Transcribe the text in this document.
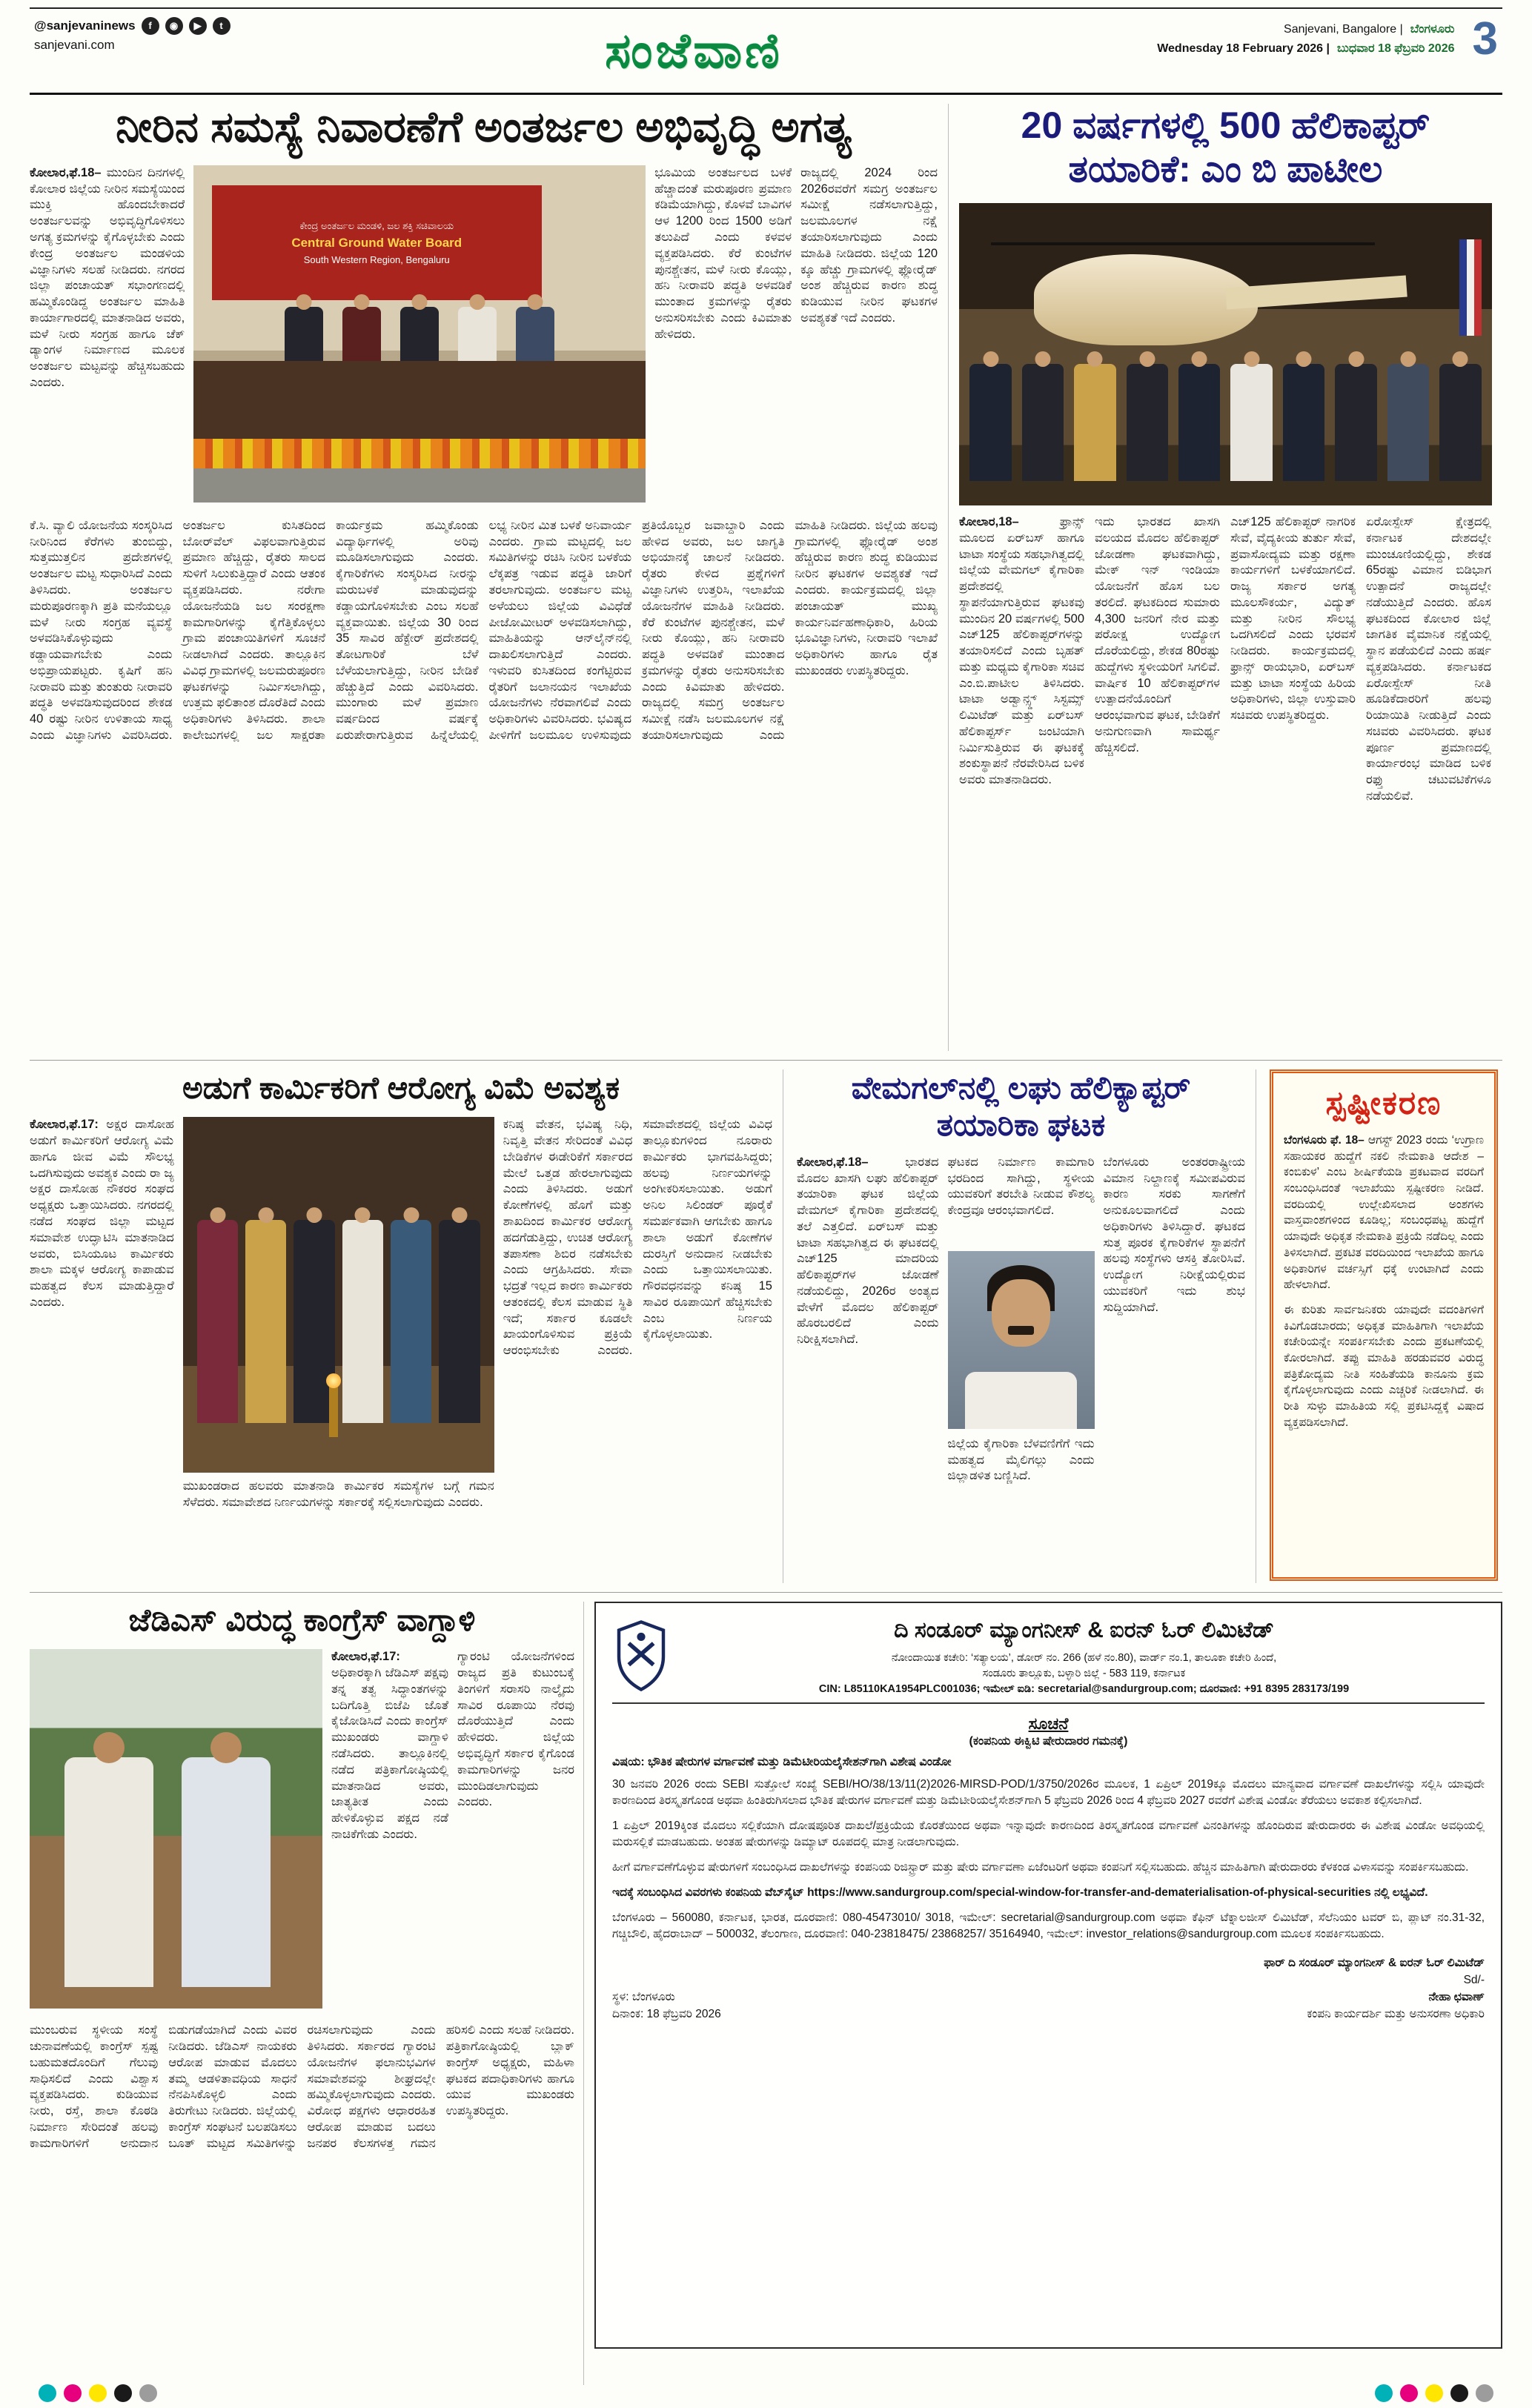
@sanjevaninews	f	◉	▶	t
sanjevani.com	ಸಂಜೆವಾಣಿ	Sanjevani, Bangalore | ಬೆಂಗಳೂರು
Wednesday 18 February 2026 | ಬುಧವಾರ 18 ಫೆಬ್ರವರಿ 2026 3
ನೀರಿನ ಸಮಸ್ಯೆ ನಿವಾರಣೆಗೆ ಅಂತರ್ಜಲ ಅಭಿವೃದ್ಧಿ ಅಗತ್ಯ
ಕೋಲಾರ,ಫೆ.18– ಮುಂದಿನ ದಿನಗಳಲ್ಲಿ ಕೋಲಾರ ಜಿಲ್ಲೆಯ ನೀರಿನ ಸಮಸ್ಯೆಯಿಂದ ಮುಕ್ತಿ ಹೊಂದಬೇಕಾದರೆ ಅಂತರ್ಜಲವನ್ನು ಅಭಿವೃದ್ಧಿಗೊಳಿಸಲು ಅಗತ್ಯ ಕ್ರಮಗಳನ್ನು ಕೈಗೊಳ್ಳಬೇಕು ಎಂದು ಕೇಂದ್ರ ಅಂತರ್ಜಲ ಮಂಡಳಿಯ ವಿಜ್ಞಾನಿಗಳು ಸಲಹೆ ನೀಡಿದರು. ನಗರದ ಜಿಲ್ಲಾ ಪಂಚಾಯತ್ ಸಭಾಂಗಣದಲ್ಲಿ ಹಮ್ಮಿಕೊಂಡಿದ್ದ ಅಂತರ್ಜಲ ಮಾಹಿತಿ ಕಾರ್ಯಾಗಾರದಲ್ಲಿ ಮಾತನಾಡಿದ ಅವರು, ಮಳೆ ನೀರು ಸಂಗ್ರಹ ಹಾಗೂ ಚೆಕ್ ಡ್ಯಾಂಗಳ ನಿರ್ಮಾಣದ ಮೂಲಕ ಅಂತರ್ಜಲ ಮಟ್ಟವನ್ನು ಹೆಚ್ಚಿಸಬಹುದು ಎಂದರು.
ಕೇಂದ್ರ ಅಂತರ್ಜಲ ಮಂಡಳಿ, ಜಲ ಶಕ್ತಿ ಸಚಿವಾಲಯ
Central Ground Water Board
South Western Region, Bengaluru
ಭೂಮಿಯ ಅಂತರ್ಜಲದ ಬಳಕೆ ಹೆಚ್ಚಾದಂತೆ ಮರುಪೂರಣ ಪ್ರಮಾಣ ಕಡಿಮೆಯಾಗಿದ್ದು, ಕೊಳವೆ ಬಾವಿಗಳ ಆಳ 1200 ರಿಂದ 1500 ಅಡಿಗೆ ತಲುಪಿದೆ ಎಂದು ಕಳವಳ ವ್ಯಕ್ತಪಡಿಸಿದರು. ಕೆರೆ ಕುಂಟೆಗಳ ಪುನಶ್ಚೇತನ, ಮಳೆ ನೀರು ಕೊಯ್ಲು, ಹನಿ ನೀರಾವರಿ ಪದ್ಧತಿ ಅಳವಡಿಕೆ ಮುಂತಾದ ಕ್ರಮಗಳನ್ನು ರೈತರು ಅನುಸರಿಸಬೇಕು ಎಂದು ಕಿವಿಮಾತು ಹೇಳಿದರು.
ರಾಜ್ಯದಲ್ಲಿ 2024 ರಿಂದ 2026ರವರೆಗೆ ಸಮಗ್ರ ಅಂತರ್ಜಲ ಸಮೀಕ್ಷೆ ನಡೆಸಲಾಗುತ್ತಿದ್ದು, ಜಲಮೂಲಗಳ ನಕ್ಷೆ ತಯಾರಿಸಲಾಗುವುದು ಎಂದು ಮಾಹಿತಿ ನೀಡಿದರು. ಜಿಲ್ಲೆಯ 120 ಕ್ಕೂ ಹೆಚ್ಚು ಗ್ರಾಮಗಳಲ್ಲಿ ಫ್ಲೋರೈಡ್ ಅಂಶ ಹೆಚ್ಚಿರುವ ಕಾರಣ ಶುದ್ಧ ಕುಡಿಯುವ ನೀರಿನ ಘಟಕಗಳ ಅವಶ್ಯಕತೆ ಇದೆ ಎಂದರು.
ಕೆ.ಸಿ. ವ್ಯಾಲಿ ಯೋಜನೆಯ ಸಂಸ್ಕರಿಸಿದ ನೀರಿನಿಂದ ಕೆರೆಗಳು ತುಂಬಿದ್ದು, ಸುತ್ತಮುತ್ತಲಿನ ಪ್ರದೇಶಗಳಲ್ಲಿ ಅಂತರ್ಜಲ ಮಟ್ಟ ಸುಧಾರಿಸಿದೆ ಎಂದು ತಿಳಿಸಿದರು. ಅಂತರ್ಜಲ ಮರುಪೂರಣಕ್ಕಾಗಿ ಪ್ರತಿ ಮನೆಯಲ್ಲೂ ಮಳೆ ನೀರು ಸಂಗ್ರಹ ವ್ಯವಸ್ಥೆ ಅಳವಡಿಸಿಕೊಳ್ಳುವುದು ಕಡ್ಡಾಯವಾಗಬೇಕು ಎಂದು ಅಭಿಪ್ರಾಯಪಟ್ಟರು. ಕೃಷಿಗೆ ಹನಿ ನೀರಾವರಿ ಮತ್ತು ತುಂತುರು ನೀರಾವರಿ ಪದ್ಧತಿ ಅಳವಡಿಸುವುದರಿಂದ ಶೇಕಡ 40 ರಷ್ಟು ನೀರಿನ ಉಳಿತಾಯ ಸಾಧ್ಯ ಎಂದು ವಿಜ್ಞಾನಿಗಳು ವಿವರಿಸಿದರು. ಅಂತರ್ಜಲ ಕುಸಿತದಿಂದ ಬೋರ್‌ವೆಲ್ ವಿಫಲವಾಗುತ್ತಿರುವ ಪ್ರಮಾಣ ಹೆಚ್ಚಿದ್ದು, ರೈತರು ಸಾಲದ ಸುಳಿಗೆ ಸಿಲುಕುತ್ತಿದ್ದಾರೆ ಎಂದು ಆತಂಕ ವ್ಯಕ್ತಪಡಿಸಿದರು. ನರೇಗಾ ಯೋಜನೆಯಡಿ ಜಲ ಸಂರಕ್ಷಣಾ ಕಾಮಗಾರಿಗಳನ್ನು ಕೈಗೆತ್ತಿಕೊಳ್ಳಲು ಗ್ರಾಮ ಪಂಚಾಯಿತಿಗಳಿಗೆ ಸೂಚನೆ ನೀಡಲಾಗಿದೆ ಎಂದರು. ತಾಲ್ಲೂಕಿನ ವಿವಿಧ ಗ್ರಾಮಗಳಲ್ಲಿ ಜಲಮರುಪೂರಣ ಘಟಕಗಳನ್ನು ನಿರ್ಮಿಸಲಾಗಿದ್ದು, ಉತ್ತಮ ಫಲಿತಾಂಶ ದೊರೆತಿದೆ ಎಂದು ಅಧಿಕಾರಿಗಳು ತಿಳಿಸಿದರು. ಶಾಲಾ ಕಾಲೇಜುಗಳಲ್ಲಿ ಜಲ ಸಾಕ್ಷರತಾ ಕಾರ್ಯಕ್ರಮ ಹಮ್ಮಿಕೊಂಡು ವಿದ್ಯಾರ್ಥಿಗಳಲ್ಲಿ ಅರಿವು ಮೂಡಿಸಲಾಗುವುದು ಎಂದರು. ಕೈಗಾರಿಕೆಗಳು ಸಂಸ್ಕರಿಸಿದ ನೀರನ್ನು ಮರುಬಳಕೆ ಮಾಡುವುದನ್ನು ಕಡ್ಡಾಯಗೊಳಿಸಬೇಕು ಎಂಬ ಸಲಹೆ ವ್ಯಕ್ತವಾಯಿತು. ಜಿಲ್ಲೆಯ 30 ರಿಂದ 35 ಸಾವಿರ ಹೆಕ್ಟೇರ್ ಪ್ರದೇಶದಲ್ಲಿ ತೋಟಗಾರಿಕೆ ಬೆಳೆ ಬೆಳೆಯಲಾಗುತ್ತಿದ್ದು, ನೀರಿನ ಬೇಡಿಕೆ ಹೆಚ್ಚುತ್ತಿದೆ ಎಂದು ವಿವರಿಸಿದರು. ಮುಂಗಾರು ಮಳೆ ಪ್ರಮಾಣ ವರ್ಷದಿಂದ ವರ್ಷಕ್ಕೆ ಏರುಪೇರಾಗುತ್ತಿರುವ ಹಿನ್ನೆಲೆಯಲ್ಲಿ ಲಭ್ಯ ನೀರಿನ ಮಿತ ಬಳಕೆ ಅನಿವಾರ್ಯ ಎಂದರು. ಗ್ರಾಮ ಮಟ್ಟದಲ್ಲಿ ಜಲ ಸಮಿತಿಗಳನ್ನು ರಚಿಸಿ ನೀರಿನ ಬಳಕೆಯ ಲೆಕ್ಕಪತ್ರ ಇಡುವ ಪದ್ಧತಿ ಜಾರಿಗೆ ತರಲಾಗುವುದು. ಅಂತರ್ಜಲ ಮಟ್ಟ ಅಳೆಯಲು ಜಿಲ್ಲೆಯ ವಿವಿಧೆಡೆ ಪೀಜೋಮೀಟರ್ ಅಳವಡಿಸಲಾಗಿದ್ದು, ಮಾಹಿತಿಯನ್ನು ಆನ್‌ಲೈನ್‌ನಲ್ಲಿ ದಾಖಲಿಸಲಾಗುತ್ತಿದೆ ಎಂದರು. ಇಳುವರಿ ಕುಸಿತದಿಂದ ಕಂಗೆಟ್ಟಿರುವ ರೈತರಿಗೆ ಜಲಾನಯನ ಇಲಾಖೆಯ ಯೋಜನೆಗಳು ನೆರವಾಗಲಿವೆ ಎಂದು ಅಧಿಕಾರಿಗಳು ವಿವರಿಸಿದರು. ಭವಿಷ್ಯದ ಪೀಳಿಗೆಗೆ ಜಲಮೂಲ ಉಳಿಸುವುದು ಪ್ರತಿಯೊಬ್ಬರ ಜವಾಬ್ದಾರಿ ಎಂದು ಹೇಳಿದ ಅವರು, ಜಲ ಜಾಗೃತಿ ಅಭಿಯಾನಕ್ಕೆ ಚಾಲನೆ ನೀಡಿದರು. ರೈತರು ಕೇಳಿದ ಪ್ರಶ್ನೆಗಳಿಗೆ ವಿಜ್ಞಾನಿಗಳು ಉತ್ತರಿಸಿ, ಇಲಾಖೆಯ ಯೋಜನೆಗಳ ಮಾಹಿತಿ ನೀಡಿದರು. ಕೆರೆ ಕುಂಟೆಗಳ ಪುನಶ್ಚೇತನ, ಮಳೆ ನೀರು ಕೊಯ್ಲು, ಹನಿ ನೀರಾವರಿ ಪದ್ಧತಿ ಅಳವಡಿಕೆ ಮುಂತಾದ ಕ್ರಮಗಳನ್ನು ರೈತರು ಅನುಸರಿಸಬೇಕು ಎಂದು ಕಿವಿಮಾತು ಹೇಳಿದರು. ರಾಜ್ಯದಲ್ಲಿ ಸಮಗ್ರ ಅಂತರ್ಜಲ ಸಮೀಕ್ಷೆ ನಡೆಸಿ ಜಲಮೂಲಗಳ ನಕ್ಷೆ ತಯಾರಿಸಲಾಗುವುದು ಎಂದು ಮಾಹಿತಿ ನೀಡಿದರು. ಜಿಲ್ಲೆಯ ಹಲವು ಗ್ರಾಮಗಳಲ್ಲಿ ಫ್ಲೋರೈಡ್ ಅಂಶ ಹೆಚ್ಚಿರುವ ಕಾರಣ ಶುದ್ಧ ಕುಡಿಯುವ ನೀರಿನ ಘಟಕಗಳ ಅವಶ್ಯಕತೆ ಇದೆ ಎಂದರು. ಕಾರ್ಯಕ್ರಮದಲ್ಲಿ ಜಿಲ್ಲಾ ಪಂಚಾಯತ್ ಮುಖ್ಯ ಕಾರ್ಯನಿರ್ವಹಣಾಧಿಕಾರಿ, ಹಿರಿಯ ಭೂವಿಜ್ಞಾನಿಗಳು, ನೀರಾವರಿ ಇಲಾಖೆ ಅಧಿಕಾರಿಗಳು ಹಾಗೂ ರೈತ ಮುಖಂಡರು ಉಪಸ್ಥಿತರಿದ್ದರು.
20 ವರ್ಷಗಳಲ್ಲಿ 500 ಹೆಲಿಕಾಪ್ಟರ್ ತಯಾರಿಕೆ: ಎಂ ಬಿ ಪಾಟೀಲ
ಕೋಲಾರ,18– ಫ್ರಾನ್ಸ್ ಮೂಲದ ಏರ್‌ಬಸ್ ಹಾಗೂ ಟಾಟಾ ಸಂಸ್ಥೆಯ ಸಹಭಾಗಿತ್ವದಲ್ಲಿ ಜಿಲ್ಲೆಯ ವೇಮಗಲ್ ಕೈಗಾರಿಕಾ ಪ್ರದೇಶದಲ್ಲಿ ಸ್ಥಾಪನೆಯಾಗುತ್ತಿರುವ ಘಟಕವು ಮುಂದಿನ 20 ವರ್ಷಗಳಲ್ಲಿ 500 ಎಚ್125 ಹೆಲಿಕಾಪ್ಟರ್‌ಗಳನ್ನು ತಯಾರಿಸಲಿದೆ ಎಂದು ಬೃಹತ್ ಮತ್ತು ಮಧ್ಯಮ ಕೈಗಾರಿಕಾ ಸಚಿವ ಎಂ.ಬಿ.ಪಾಟೀಲ ತಿಳಿಸಿದರು. ಟಾಟಾ ಅಡ್ವಾನ್ಸ್ಡ್ ಸಿಸ್ಟಮ್ಸ್ ಲಿಮಿಟೆಡ್ ಮತ್ತು ಏರ್‌ಬಸ್ ಹೆಲಿಕಾಪ್ಟರ್ಸ್ ಜಂಟಿಯಾಗಿ ನಿರ್ಮಿಸುತ್ತಿರುವ ಈ ಘಟಕಕ್ಕೆ ಶಂಕುಸ್ಥಾಪನೆ ನೆರವೇರಿಸಿದ ಬಳಿಕ ಅವರು ಮಾತನಾಡಿದರು.
ಇದು ಭಾರತದ ಖಾಸಗಿ ವಲಯದ ಮೊದಲ ಹೆಲಿಕಾಪ್ಟರ್ ಜೋಡಣಾ ಘಟಕವಾಗಿದ್ದು, ಮೇಕ್ ಇನ್ ಇಂಡಿಯಾ ಯೋಜನೆಗೆ ಹೊಸ ಬಲ ತರಲಿದೆ. ಘಟಕದಿಂದ ಸುಮಾರು 4,300 ಜನರಿಗೆ ನೇರ ಮತ್ತು ಪರೋಕ್ಷ ಉದ್ಯೋಗ ದೊರೆಯಲಿದ್ದು, ಶೇಕಡ 80ರಷ್ಟು ಹುದ್ದೆಗಳು ಸ್ಥಳೀಯರಿಗೆ ಸಿಗಲಿವೆ. ವಾರ್ಷಿಕ 10 ಹೆಲಿಕಾಪ್ಟರ್‌ಗಳ ಉತ್ಪಾದನೆಯೊಂದಿಗೆ ಆರಂಭವಾಗುವ ಘಟಕ, ಬೇಡಿಕೆಗೆ ಅನುಗುಣವಾಗಿ ಸಾಮರ್ಥ್ಯ ಹೆಚ್ಚಿಸಲಿದೆ.
ಎಚ್125 ಹೆಲಿಕಾಪ್ಟರ್ ನಾಗರಿಕ ಸೇವೆ, ವೈದ್ಯಕೀಯ ತುರ್ತು ಸೇವೆ, ಪ್ರವಾಸೋದ್ಯಮ ಮತ್ತು ರಕ್ಷಣಾ ಕಾರ್ಯಗಳಿಗೆ ಬಳಕೆಯಾಗಲಿದೆ. ರಾಜ್ಯ ಸರ್ಕಾರ ಅಗತ್ಯ ಮೂಲಸೌಕರ್ಯ, ವಿದ್ಯುತ್ ಮತ್ತು ನೀರಿನ ಸೌಲಭ್ಯ ಒದಗಿಸಲಿದೆ ಎಂದು ಭರವಸೆ ನೀಡಿದರು. ಕಾರ್ಯಕ್ರಮದಲ್ಲಿ ಫ್ರಾನ್ಸ್ ರಾಯಭಾರಿ, ಏರ್‌ಬಸ್ ಮತ್ತು ಟಾಟಾ ಸಂಸ್ಥೆಯ ಹಿರಿಯ ಅಧಿಕಾರಿಗಳು, ಜಿಲ್ಲಾ ಉಸ್ತುವಾರಿ ಸಚಿವರು ಉಪಸ್ಥಿತರಿದ್ದರು.
ಏರೋಸ್ಪೇಸ್ ಕ್ಷೇತ್ರದಲ್ಲಿ ಕರ್ನಾಟಕ ದೇಶದಲ್ಲೇ ಮುಂಚೂಣಿಯಲ್ಲಿದ್ದು, ಶೇಕಡ 65ರಷ್ಟು ವಿಮಾನ ಬಿಡಿಭಾಗ ಉತ್ಪಾದನೆ ರಾಜ್ಯದಲ್ಲೇ ನಡೆಯುತ್ತಿದೆ ಎಂದರು. ಹೊಸ ಘಟಕದಿಂದ ಕೋಲಾರ ಜಿಲ್ಲೆ ಜಾಗತಿಕ ವೈಮಾನಿಕ ನಕ್ಷೆಯಲ್ಲಿ ಸ್ಥಾನ ಪಡೆಯಲಿದೆ ಎಂದು ಹರ್ಷ ವ್ಯಕ್ತಪಡಿಸಿದರು. ಕರ್ನಾಟಕದ ಏರೋಸ್ಪೇಸ್ ನೀತಿ ಹೂಡಿಕೆದಾರರಿಗೆ ಹಲವು ರಿಯಾಯಿತಿ ನೀಡುತ್ತಿದೆ ಎಂದು ಸಚಿವರು ವಿವರಿಸಿದರು. ಘಟಕ ಪೂರ್ಣ ಪ್ರಮಾಣದಲ್ಲಿ ಕಾರ್ಯಾರಂಭ ಮಾಡಿದ ಬಳಿಕ ರಫ್ತು ಚಟುವಟಿಕೆಗಳೂ ನಡೆಯಲಿವೆ.
ಅಡುಗೆ ಕಾರ್ಮಿಕರಿಗೆ ಆರೋಗ್ಯ ವಿಮೆ ಅವಶ್ಯಕ
ಕೋಲಾರ,ಫೆ.17: ಅಕ್ಷರ ದಾಸೋಹ ಅಡುಗೆ ಕಾರ್ಮಿಕರಿಗೆ ಆರೋಗ್ಯ ವಿಮೆ ಹಾಗೂ ಜೀವ ವಿಮೆ ಸೌಲಭ್ಯ ಒದಗಿಸುವುದು ಅವಶ್ಯಕ ಎಂದು ರಾ ಜ್ಯ ಅಕ್ಷರ ದಾಸೋಹ ನೌಕರರ ಸಂಘದ ಅಧ್ಯಕ್ಷರು ಒತ್ತಾಯಿಸಿದರು. ನಗರದಲ್ಲಿ ನಡೆದ ಸಂಘದ ಜಿಲ್ಲಾ ಮಟ್ಟದ ಸಮಾವೇಶ ಉದ್ಘಾಟಿಸಿ ಮಾತನಾಡಿದ ಅವರು, ಬಿಸಿಯೂಟ ಕಾರ್ಮಿಕರು ಶಾಲಾ ಮಕ್ಕಳ ಆರೋಗ್ಯ ಕಾಪಾಡುವ ಮಹತ್ವದ ಕೆಲಸ ಮಾಡುತ್ತಿದ್ದಾರೆ ಎಂದರು.
ಮುಖಂಡರಾದ ಹಲವರು ಮಾತನಾಡಿ ಕಾರ್ಮಿಕರ ಸಮಸ್ಯೆಗಳ ಬಗ್ಗೆ ಗಮನ ಸೆಳೆದರು. ಸಮಾವೇಶದ ನಿರ್ಣಯಗಳನ್ನು ಸರ್ಕಾರಕ್ಕೆ ಸಲ್ಲಿಸಲಾಗುವುದು ಎಂದರು.
ಕನಿಷ್ಠ ವೇತನ, ಭವಿಷ್ಯ ನಿಧಿ, ನಿವೃತ್ತಿ ವೇತನ ಸೇರಿದಂತೆ ವಿವಿಧ ಬೇಡಿಕೆಗಳ ಈಡೇರಿಕೆಗೆ ಸರ್ಕಾರದ ಮೇಲೆ ಒತ್ತಡ ಹೇರಲಾಗುವುದು ಎಂದು ತಿಳಿಸಿದರು. ಅಡುಗೆ ಕೋಣೆಗಳಲ್ಲಿ ಹೊಗೆ ಮತ್ತು ಶಾಖದಿಂದ ಕಾರ್ಮಿಕರ ಆರೋಗ್ಯ ಹದಗೆಡುತ್ತಿದ್ದು, ಉಚಿತ ಆರೋಗ್ಯ ತಪಾಸಣಾ ಶಿಬಿರ ನಡೆಸಬೇಕು ಎಂದು ಆಗ್ರಹಿಸಿದರು. ಸೇವಾ ಭದ್ರತೆ ಇಲ್ಲದ ಕಾರಣ ಕಾರ್ಮಿಕರು ಆತಂಕದಲ್ಲಿ ಕೆಲಸ ಮಾಡುವ ಸ್ಥಿತಿ ಇದೆ; ಸರ್ಕಾರ ಕೂಡಲೇ ಖಾಯಂಗೊಳಿಸುವ ಪ್ರಕ್ರಿಯೆ ಆರಂಭಿಸಬೇಕು ಎಂದರು. ಸಮಾವೇಶದಲ್ಲಿ ಜಿಲ್ಲೆಯ ವಿವಿಧ ತಾಲ್ಲೂಕುಗಳಿಂದ ನೂರಾರು ಕಾರ್ಮಿಕರು ಭಾಗವಹಿಸಿದ್ದರು; ಹಲವು ನಿರ್ಣಯಗಳನ್ನು ಅಂಗೀಕರಿಸಲಾಯಿತು. ಅಡುಗೆ ಅನಿಲ ಸಿಲಿಂಡರ್ ಪೂರೈಕೆ ಸಮರ್ಪಕವಾಗಿ ಆಗಬೇಕು ಹಾಗೂ ಶಾಲಾ ಅಡುಗೆ ಕೋಣೆಗಳ ದುರಸ್ತಿಗೆ ಅನುದಾನ ನೀಡಬೇಕು ಎಂದು ಒತ್ತಾಯಿಸಲಾಯಿತು. ಗೌರವಧನವನ್ನು ಕನಿಷ್ಠ 15 ಸಾವಿರ ರೂಪಾಯಿಗೆ ಹೆಚ್ಚಿಸಬೇಕು ಎಂಬ ನಿರ್ಣಯ ಕೈಗೊಳ್ಳಲಾಯಿತು.
ವೇಮಗಲ್‌ನಲ್ಲಿ ಲಘು ಹೆಲಿಕ್ಯಾಪ್ಟರ್ ತಯಾರಿಕಾ ಘಟಕ
ಕೋಲಾರ,ಫೆ.18– ಭಾರತದ ಮೊದಲ ಖಾಸಗಿ ಲಘು ಹೆಲಿಕಾಪ್ಟರ್ ತಯಾರಿಕಾ ಘಟಕ ಜಿಲ್ಲೆಯ ವೇಮಗಲ್ ಕೈಗಾರಿಕಾ ಪ್ರದೇಶದಲ್ಲಿ ತಲೆ ಎತ್ತಲಿದೆ. ಏರ್‌ಬಸ್ ಮತ್ತು ಟಾಟಾ ಸಹಭಾಗಿತ್ವದ ಈ ಘಟಕದಲ್ಲಿ ಎಚ್125 ಮಾದರಿಯ ಹೆಲಿಕಾಪ್ಟರ್‌ಗಳ ಜೋಡಣೆ ನಡೆಯಲಿದ್ದು, 2026ರ ಅಂತ್ಯದ ವೇಳೆಗೆ ಮೊದಲ ಹೆಲಿಕಾಪ್ಟರ್ ಹೊರಬರಲಿದೆ ಎಂದು ನಿರೀಕ್ಷಿಸಲಾಗಿದೆ.
ಘಟಕದ ನಿರ್ಮಾಣ ಕಾಮಗಾರಿ ಭರದಿಂದ ಸಾಗಿದ್ದು, ಸ್ಥಳೀಯ ಯುವಕರಿಗೆ ತರಬೇತಿ ನೀಡುವ ಕೌಶಲ್ಯ ಕೇಂದ್ರವೂ ಆರಂಭವಾಗಲಿದೆ.
ಜಿಲ್ಲೆಯ ಕೈಗಾರಿಕಾ ಬೆಳವಣಿಗೆಗೆ ಇದು ಮಹತ್ವದ ಮೈಲಿಗಲ್ಲು ಎಂದು ಜಿಲ್ಲಾಡಳಿತ ಬಣ್ಣಿಸಿದೆ.
ಬೆಂಗಳೂರು ಅಂತರರಾಷ್ಟ್ರೀಯ ವಿಮಾನ ನಿಲ್ದಾಣಕ್ಕೆ ಸಮೀಪವಿರುವ ಕಾರಣ ಸರಕು ಸಾಗಣೆಗೆ ಅನುಕೂಲವಾಗಲಿದೆ ಎಂದು ಅಧಿಕಾರಿಗಳು ತಿಳಿಸಿದ್ದಾರೆ. ಘಟಕದ ಸುತ್ತ ಪೂರಕ ಕೈಗಾರಿಕೆಗಳ ಸ್ಥಾಪನೆಗೆ ಹಲವು ಸಂಸ್ಥೆಗಳು ಆಸಕ್ತಿ ತೋರಿಸಿವೆ. ಉದ್ಯೋಗ ನಿರೀಕ್ಷೆಯಲ್ಲಿರುವ ಯುವಕರಿಗೆ ಇದು ಶುಭ ಸುದ್ದಿಯಾಗಿದೆ.
ಸ್ಪಷ್ಟೀಕರಣ

ಬೆಂಗಳೂರು ಫೆ. 18– ಆಗಸ್ಟ್ 2023 ರಂದು ‘ಉಗ್ರಾಣ ಸಹಾಯಕರ ಹುದ್ದೆಗೆ ನಕಲಿ ನೇಮಕಾತಿ ಆದೇಶ – ಕಂಬಿಕುಳ’ ಎಂಬ ಶೀರ್ಷಿಕೆಯಡಿ ಪ್ರಕಟವಾದ ವರದಿಗೆ ಸಂಬಂಧಿಸಿದಂತೆ ಇಲಾಖೆಯು ಸ್ಪಷ್ಟೀಕರಣ ನೀಡಿದೆ. ವರದಿಯಲ್ಲಿ ಉಲ್ಲೇಖಿಸಲಾದ ಅಂಶಗಳು ವಾಸ್ತವಾಂಶಗಳಿಂದ ಕೂಡಿಲ್ಲ; ಸಂಬಂಧಪಟ್ಟ ಹುದ್ದೆಗೆ ಯಾವುದೇ ಅಧಿಕೃತ ನೇಮಕಾತಿ ಪ್ರಕ್ರಿಯೆ ನಡೆದಿಲ್ಲ ಎಂದು ತಿಳಿಸಲಾಗಿದೆ. ಪ್ರಕಟಿತ ವರದಿಯಿಂದ ಇಲಾಖೆಯ ಹಾಗೂ ಅಧಿಕಾರಿಗಳ ವರ್ಚಸ್ಸಿಗೆ ಧಕ್ಕೆ ಉಂಟಾಗಿದೆ ಎಂದು ಹೇಳಲಾಗಿದೆ.

ಈ ಕುರಿತು ಸಾರ್ವಜನಿಕರು ಯಾವುದೇ ವದಂತಿಗಳಿಗೆ ಕಿವಿಗೊಡಬಾರದು; ಅಧಿಕೃತ ಮಾಹಿತಿಗಾಗಿ ಇಲಾಖೆಯ ಕಚೇರಿಯನ್ನೇ ಸಂಪರ್ಕಿಸಬೇಕು ಎಂದು ಪ್ರಕಟಣೆಯಲ್ಲಿ ಕೋರಲಾಗಿದೆ. ತಪ್ಪು ಮಾಹಿತಿ ಹರಡುವವರ ವಿರುದ್ಧ ಪತ್ರಿಕೋದ್ಯಮ ನೀತಿ ಸಂಹಿತೆಯಡಿ ಕಾನೂನು ಕ್ರಮ ಕೈಗೊಳ್ಳಲಾಗುವುದು ಎಂದು ಎಚ್ಚರಿಕೆ ನೀಡಲಾಗಿದೆ. ಈ ರೀತಿ ಸುಳ್ಳು ಮಾಹಿತಿಯ ಸಲ್ಲಿ ಪ್ರಕಟಿಸಿದ್ದಕ್ಕೆ ವಿಷಾದ ವ್ಯಕ್ತಪಡಿಸಲಾಗಿದೆ.

ಜೆಡಿಎಸ್ ವಿರುದ್ಧ ಕಾಂಗ್ರೆಸ್ ವಾಗ್ದಾಳಿ
ಕೋಲಾರ,ಫೆ.17: ಅಧಿಕಾರಕ್ಕಾಗಿ ಜೆಡಿಎಸ್ ಪಕ್ಷವು ತನ್ನ ತತ್ವ ಸಿದ್ಧಾಂತಗಳನ್ನು ಬದಿಗೊತ್ತಿ ಬಿಜೆಪಿ ಜೊತೆ ಕೈಜೋಡಿಸಿದೆ ಎಂದು ಕಾಂಗ್ರೆಸ್ ಮುಖಂಡರು ವಾಗ್ದಾಳಿ ನಡೆಸಿದರು. ತಾಲ್ಲೂಕಿನಲ್ಲಿ ನಡೆದ ಪತ್ರಿಕಾಗೋಷ್ಠಿಯಲ್ಲಿ ಮಾತನಾಡಿದ ಅವರು, ಜಾತ್ಯತೀತ ಎಂದು ಹೇಳಿಕೊಳ್ಳುವ ಪಕ್ಷದ ನಡೆ ನಾಚಿಕೆಗೇಡು ಎಂದರು.
ಗ್ಯಾರಂಟಿ ಯೋಜನೆಗಳಿಂದ ರಾಜ್ಯದ ಪ್ರತಿ ಕುಟುಂಬಕ್ಕೆ ತಿಂಗಳಿಗೆ ಸರಾಸರಿ ನಾಲ್ಕೈದು ಸಾವಿರ ರೂಪಾಯಿ ನೆರವು ದೊರೆಯುತ್ತಿದೆ ಎಂದು ಹೇಳಿದರು. ಜಿಲ್ಲೆಯ ಅಭಿವೃದ್ಧಿಗೆ ಸರ್ಕಾರ ಕೈಗೊಂಡ ಕಾಮಗಾರಿಗಳನ್ನು ಜನರ ಮುಂದಿಡಲಾಗುವುದು ಎಂದರು.
ಮುಂಬರುವ ಸ್ಥಳೀಯ ಸಂಸ್ಥೆ ಚುನಾವಣೆಯಲ್ಲಿ ಕಾಂಗ್ರೆಸ್ ಸ್ಪಷ್ಟ ಬಹುಮತದೊಂದಿಗೆ ಗೆಲುವು ಸಾಧಿಸಲಿದೆ ಎಂದು ವಿಶ್ವಾಸ ವ್ಯಕ್ತಪಡಿಸಿದರು. ಕುಡಿಯುವ ನೀರು, ರಸ್ತೆ, ಶಾಲಾ ಕೊಠಡಿ ನಿರ್ಮಾಣ ಸೇರಿದಂತೆ ಹಲವು ಕಾಮಗಾರಿಗಳಿಗೆ ಅನುದಾನ ಬಿಡುಗಡೆಯಾಗಿದೆ ಎಂದು ವಿವರ ನೀಡಿದರು. ಜೆಡಿಎಸ್ ನಾಯಕರು ಆರೋಪ ಮಾಡುವ ಮೊದಲು ತಮ್ಮ ಆಡಳಿತಾವಧಿಯ ಸಾಧನೆ ನೆನಪಿಸಿಕೊಳ್ಳಲಿ ಎಂದು ತಿರುಗೇಟು ನೀಡಿದರು. ಜಿಲ್ಲೆಯಲ್ಲಿ ಕಾಂಗ್ರೆಸ್ ಸಂಘಟನೆ ಬಲಪಡಿಸಲು ಬೂತ್ ಮಟ್ಟದ ಸಮಿತಿಗಳನ್ನು ರಚಿಸಲಾಗುವುದು ಎಂದು ತಿಳಿಸಿದರು. ಸರ್ಕಾರದ ಗ್ಯಾರಂಟಿ ಯೋಜನೆಗಳ ಫಲಾನುಭವಿಗಳ ಸಮಾವೇಶವನ್ನು ಶೀಘ್ರದಲ್ಲೇ ಹಮ್ಮಿಕೊಳ್ಳಲಾಗುವುದು ಎಂದರು. ವಿರೋಧ ಪಕ್ಷಗಳು ಆಧಾರರಹಿತ ಆರೋಪ ಮಾಡುವ ಬದಲು ಜನಪರ ಕೆಲಸಗಳತ್ತ ಗಮನ ಹರಿಸಲಿ ಎಂದು ಸಲಹೆ ನೀಡಿದರು. ಪತ್ರಿಕಾಗೋಷ್ಠಿಯಲ್ಲಿ ಬ್ಲಾಕ್ ಕಾಂಗ್ರೆಸ್ ಅಧ್ಯಕ್ಷರು, ಮಹಿಳಾ ಘಟಕದ ಪದಾಧಿಕಾರಿಗಳು ಹಾಗೂ ಯುವ ಮುಖಂಡರು ಉಪಸ್ಥಿತರಿದ್ದರು.
ದಿ ಸಂಡೂರ್ ಮ್ಯಾಂಗನೀಸ್ & ಐರನ್ ಓರ್ ಲಿಮಿಟೆಡ್
ನೋಂದಾಯಿತ ಕಚೇರಿ: ‘ಸತ್ಯಾಲಯ’, ಡೋರ್ ನಂ. 266 (ಹಳೆ ನಂ.80), ವಾರ್ಡ್ ನಂ.1, ತಾಲೂಕಾ ಕಚೇರಿ ಹಿಂದೆ,
ಸಂಡೂರು ತಾಲ್ಲೂಕು, ಬಳ್ಳಾರಿ ಜಿಲ್ಲೆ - 583 119, ಕರ್ನಾಟಕ
CIN: L85110KA1954PLC001036; ಇಮೇಲ್ ಐಡಿ: secretarial@sandurgroup.com; ದೂರವಾಣಿ: +91 8395 283173/199
ಸೂಚನೆ
(ಕಂಪನಿಯ ಈಕ್ವಿಟಿ ಷೇರುದಾರರ ಗಮನಕ್ಕೆ)
ವಿಷಯ: ಭೌತಿಕ ಷೇರುಗಳ ವರ್ಗಾವಣೆ ಮತ್ತು ಡಿಮೆಟೀರಿಯಲೈಸೇಶನ್‌ಗಾಗಿ ವಿಶೇಷ ವಿಂಡೋ

30 ಜನವರಿ 2026 ರಂದು SEBI ಸುತ್ತೋಲೆ ಸಂಖ್ಯೆ SEBI/HO/38/13/11(2)2026-MIRSD-POD/1/3750/2026ರ ಮೂಲಕ, 1 ಏಪ್ರಿಲ್ 2019ಕ್ಕೂ ಮೊದಲು ಮಾನ್ಯವಾದ ವರ್ಗಾವಣೆ ದಾಖಲೆಗಳನ್ನು ಸಲ್ಲಿಸಿ ಯಾವುದೇ ಕಾರಣದಿಂದ ತಿರಸ್ಕೃತಗೊಂಡ ಅಥವಾ ಹಿಂತಿರುಗಿಸಲಾದ ಭೌತಿಕ ಷೇರುಗಳ ವರ್ಗಾವಣೆ ಮತ್ತು ಡಿಮೆಟೀರಿಯಲೈಸೇಶನ್‌ಗಾಗಿ 5 ಫೆಬ್ರವರಿ 2026 ರಿಂದ 4 ಫೆಬ್ರವರಿ 2027 ರವರೆಗೆ ವಿಶೇಷ ವಿಂಡೋ ತೆರೆಯಲು ಅವಕಾಶ ಕಲ್ಪಿಸಲಾಗಿದೆ.

1 ಏಪ್ರಿಲ್ 2019ಕ್ಕಿಂತ ಮೊದಲು ಸಲ್ಲಿಕೆಯಾಗಿ ದೋಷಪೂರಿತ ದಾಖಲೆ/ಪ್ರಕ್ರಿಯೆಯ ಕೊರತೆಯಿಂದ ಅಥವಾ ಇನ್ನಾವುದೇ ಕಾರಣದಿಂದ ತಿರಸ್ಕೃತಗೊಂಡ ವರ್ಗಾವಣೆ ವಿನಂತಿಗಳನ್ನು ಹೊಂದಿರುವ ಷೇರುದಾರರು ಈ ವಿಶೇಷ ವಿಂಡೋ ಅವಧಿಯಲ್ಲಿ ಮರುಸಲ್ಲಿಕೆ ಮಾಡಬಹುದು. ಅಂತಹ ಷೇರುಗಳನ್ನು ಡಿಮ್ಯಾಟ್ ರೂಪದಲ್ಲಿ ಮಾತ್ರ ನೀಡಲಾಗುವುದು.

ಹೀಗೆ ವರ್ಗಾವಣೆಗೊಳ್ಳುವ ಷೇರುಗಳಿಗೆ ಸಂಬಂಧಿಸಿದ ದಾಖಲೆಗಳನ್ನು ಕಂಪನಿಯ ರಿಜಿಸ್ಟ್ರಾರ್ ಮತ್ತು ಷೇರು ವರ್ಗಾವಣಾ ಏಜೆಂಟರಿಗೆ ಅಥವಾ ಕಂಪನಿಗೆ ಸಲ್ಲಿಸಬಹುದು. ಹೆಚ್ಚಿನ ಮಾಹಿತಿಗಾಗಿ ಷೇರುದಾರರು ಕೆಳಕಂಡ ವಿಳಾಸವನ್ನು ಸಂಪರ್ಕಿಸಬಹುದು.

ಇದಕ್ಕೆ ಸಂಬಂಧಿಸಿದ ವಿವರಗಳು ಕಂಪನಿಯ ವೆಬ್‌ಸೈಟ್ https://www.sandurgroup.com/special-window-for-transfer-and-dematerialisation-of-physical-securities ನಲ್ಲಿ ಲಭ್ಯವಿದೆ.

ಬೆಂಗಳೂರು – 560080, ಕರ್ನಾಟಕ, ಭಾರತ, ದೂರವಾಣಿ: 080-45473010/ 3018, ಇಮೇಲ್: secretarial@sandurgroup.com ಅಥವಾ ಕೆಫಿನ್ ಟೆಕ್ನಾಲಜೀಸ್ ಲಿಮಿಟೆಡ್, ಸೆಲೆನಿಯಂ ಟವರ್ ಬಿ, ಪ್ಲಾಟ್ ನಂ.31-32, ಗಚ್ಚಿಬೌಲಿ, ಹೈದರಾಬಾದ್ – 500032, ತೆಲಂಗಾಣ, ದೂರವಾಣಿ: 040-23818475/ 23868257/ 35164940, ಇಮೇಲ್: investor_relations@sandurgroup.com ಮೂಲಕ ಸಂಪರ್ಕಿಸಬಹುದು.

ಸ್ಥಳ: ಬೆಂಗಳೂರು
ದಿನಾಂಕ: 18 ಫೆಬ್ರವರಿ 2026
ಫಾರ್ ದಿ ಸಂಡೂರ್ ಮ್ಯಾಂಗನೀಸ್ & ಐರನ್ ಓರ್ ಲಿಮಿಟೆಡ್
Sd/-
ನೇಹಾ ಛವಾಣ್
ಕಂಪನಿ ಕಾರ್ಯದರ್ಶಿ ಮತ್ತು ಅನುಸರಣಾ ಅಧಿಕಾರಿ
